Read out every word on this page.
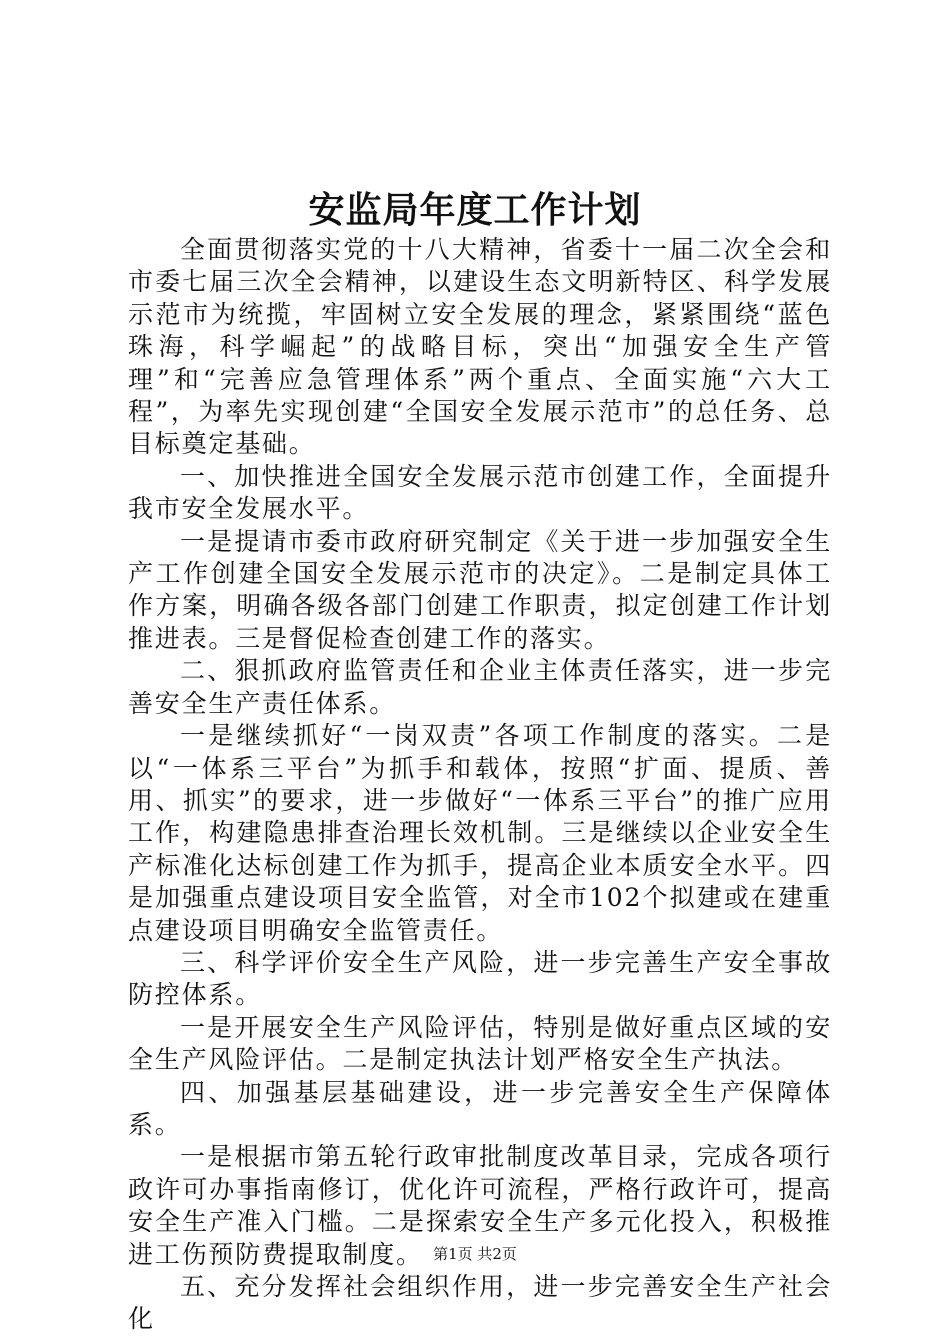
安监局年度工作计划

全面贯彻落实党的十八大精神，省委十一届二次全会和市委七届三次全会精神，以建设生态文明新特区、科学发展示范市为统揽，牢固树立安全发展的理念，紧紧围绕“蓝色珠海，科学崛起”的战略目标，突出“加强安全生产管理”和“完善应急管理体系”两个重点、全面实施“六大工程”，为率先实现创建“全国安全发展示范市”的总任务、总目标奠定基础。

一、加快推进全国安全发展示范市创建工作，全面提升我市安全发展水平。

一是提请市委市政府研究制定《关于进一步加强安全生产工作创建全国安全发展示范市的决定》。二是制定具体工作方案，明确各级各部门创建工作职责，拟定创建工作计划推进表。三是督促检查创建工作的落实。

二、狠抓政府监管责任和企业主体责任落实，进一步完善安全生产责任体系。

一是继续抓好“一岗双责”各项工作制度的落实。二是以“一体系三平台”为抓手和载体，按照“扩面、提质、善用、抓实”的要求，进一步做好“一体系三平台”的推广应用工作，构建隐患排查治理长效机制。三是继续以企业安全生产标准化达标创建工作为抓手，提高企业本质安全水平。四是加强重点建设项目安全监管，对全市102个拟建或在建重点建设项目明确安全监管责任。

三、科学评价安全生产风险，进一步完善生产安全事故防控体系。

一是开展安全生产风险评估，特别是做好重点区域的安全生产风险评估。二是制定执法计划严格安全生产执法。

四、加强基层基础建设，进一步完善安全生产保障体系。

一是根据市第五轮行政审批制度改革目录，完成各项行政许可办事指南修订，优化许可流程，严格行政许可，提高安全生产准入门槛。二是探索安全生产多元化投入，积极推进工伤预防费提取制度。

五、充分发挥社会组织作用，进一步完善安全生产社会化

第1页 共2页
